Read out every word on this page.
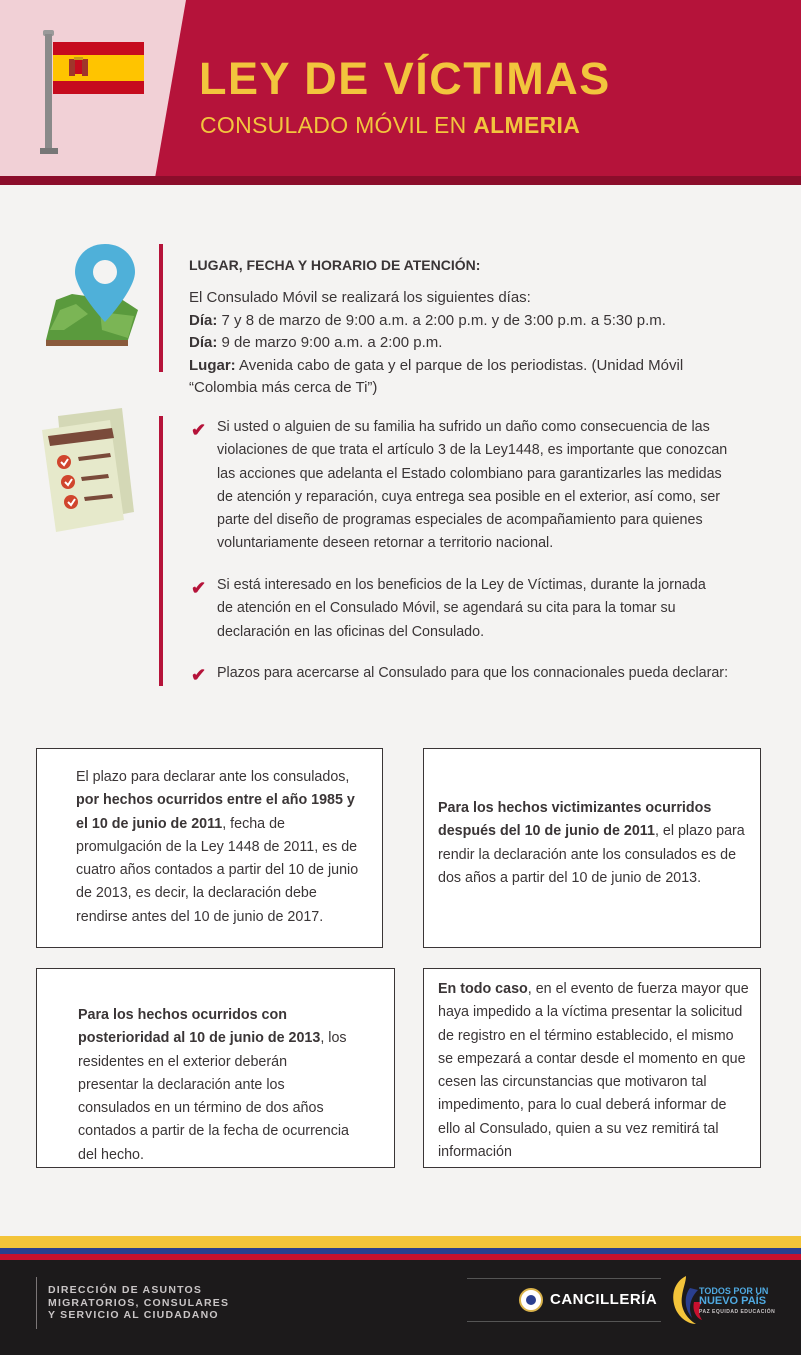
LEY DE VÍCTIMAS
CONSULADO MÓVIL EN ALMERIA
LUGAR, FECHA Y HORARIO DE ATENCIÓN:
El Consulado Móvil se realizará los siguientes días:
Día: 7 y 8 de marzo de 9:00 a.m. a 2:00 p.m. y de 3:00 p.m. a 5:30 p.m.
Día: 9 de marzo 9:00 a.m. a 2:00 p.m.
Lugar: Avenida cabo de gata y el parque de los periodistas. (Unidad Móvil “Colombia más cerca de Ti”)
✔ Si usted o alguien de su familia ha sufrido un daño como consecuencia de las violaciones de que trata el artículo 3 de la Ley1448, es importante que conozcan las acciones que adelanta el Estado colombiano para garantizarles las medidas de atención y reparación, cuya entrega sea posible en el exterior, así como, ser parte del diseño de programas especiales de acompañamiento para quienes voluntariamente deseen retornar a territorio nacional.
✔ Si está interesado en los beneficios de la Ley de Víctimas, durante la jornada de atención en el Consulado Móvil, se agendará su cita para la tomar su declaración en las oficinas del Consulado.
✔ Plazos para acercarse al Consulado para que los connacionales pueda declarar:
El plazo para declarar ante los consulados, por hechos ocurridos entre el año 1985 y el 10 de junio de 2011, fecha de promulgación de la Ley 1448 de 2011, es de cuatro años contados a partir del 10 de junio de 2013, es decir, la declaración debe rendirse antes del 10 de junio de 2017.
Para los hechos victimizantes ocurridos después del 10 de junio de 2011, el plazo para rendir la declaración ante los consulados es de dos años a partir del 10 de junio de 2013.
Para los hechos ocurridos con posterioridad al 10 de junio de 2013, los residentes en el exterior deberán presentar la declaración ante los consulados en un término de dos años contados a partir de la fecha de ocurrencia del hecho.
En todo caso, en el evento de fuerza mayor que haya impedido a la víctima presentar la solicitud de registro en el término establecido, el mismo se empezará a contar desde el momento en que cesen las circunstancias que motivaron tal impedimento, para lo cual deberá informar de ello al Consulado, quien a su vez remitirá tal información
DIRECCIÓN DE ASUNTOS
MIGRATORIOS, CONSULARES
Y SERVICIO AL CIUDADANO
CANCILLERÍA	TODOS POR UN
NUEVO PAÍS
PAZ EQUIDAD EDUCACIÓN
